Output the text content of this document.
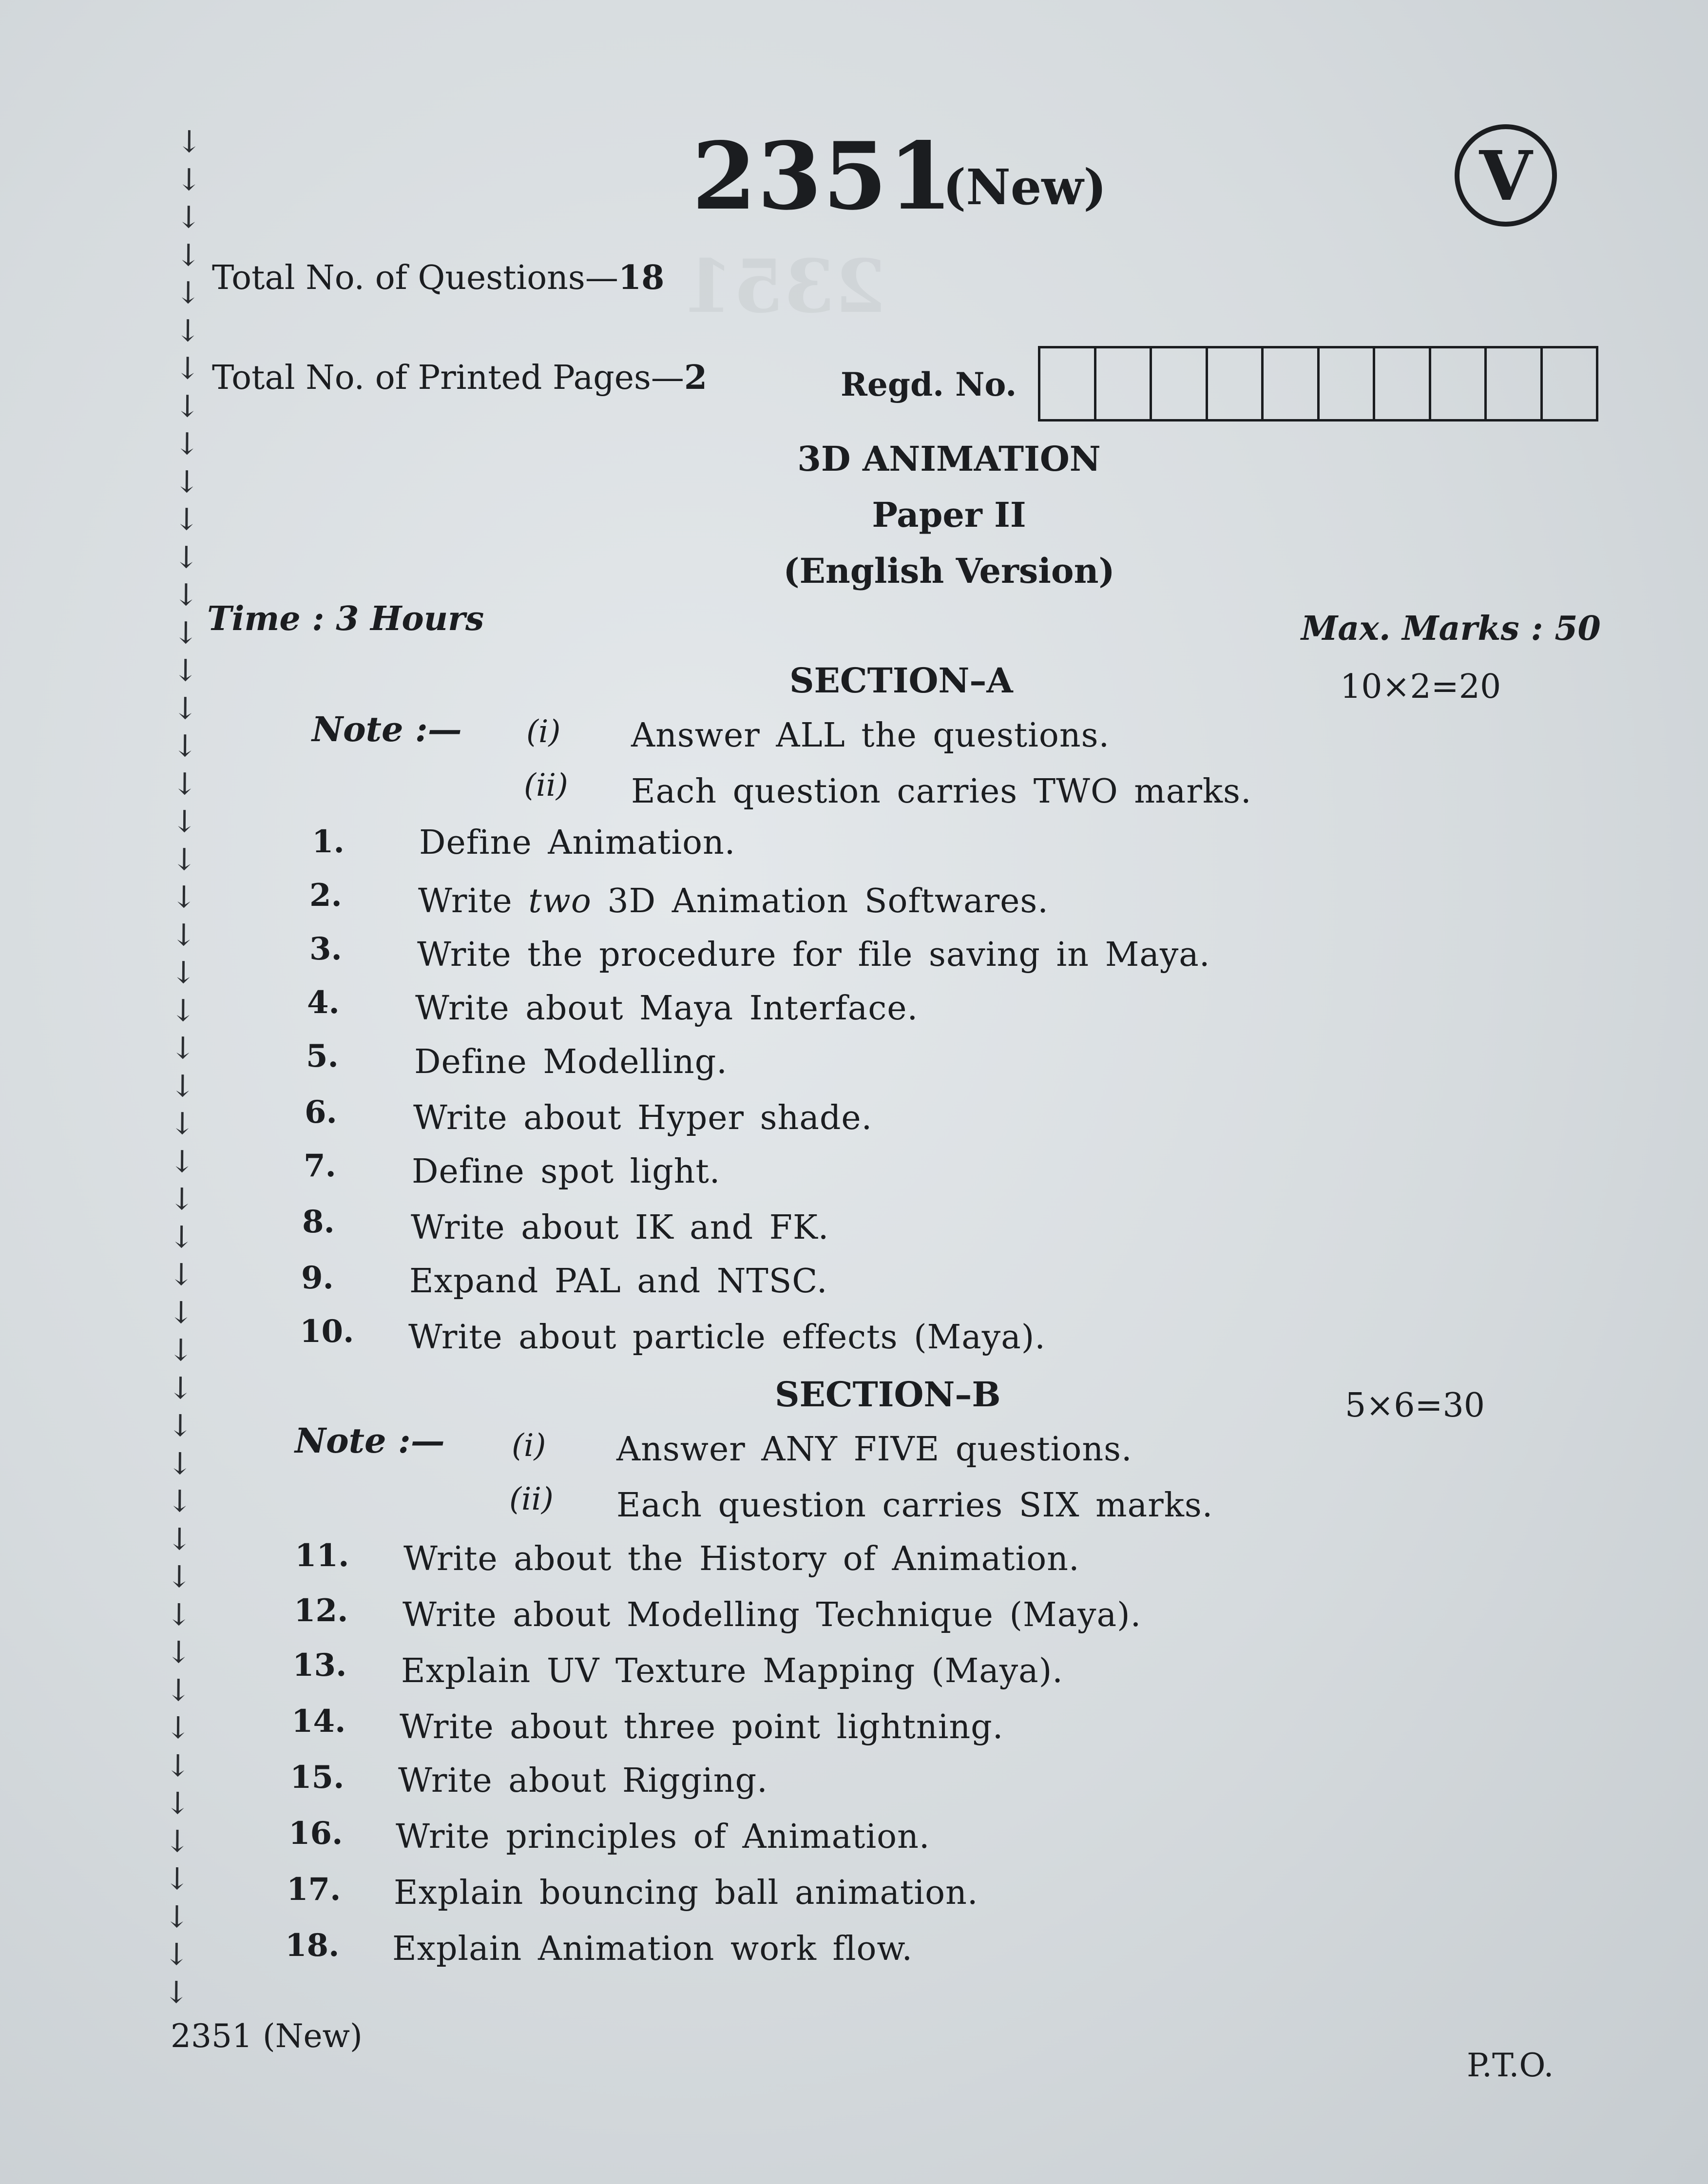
2351
↓
↓
↓
↓
↓
↓
↓
↓
↓
↓
↓
↓
↓
↓
↓
↓
↓
↓
↓
↓
↓
↓
↓
↓
↓
↓
↓
↓
↓
↓
↓
↓
↓
↓
↓
↓
↓
↓
↓
↓
↓
↓
↓
↓
↓
↓
↓
↓
↓
↓
2351
(New)	V
Total No. of Questions—18
Total No. of Printed Pages—2	Regd. No.
3D ANIMATION
Paper II
(English Version)
Time : 3 Hours	Max. Marks : 50
SECTION–A	10×2=20
Note :— (i) Answer ALL the questions.
(ii) Each question carries TWO marks.
1. Define Animation.
2. Write two 3D Animation Softwares.
3. Write the procedure for file saving in Maya.
4. Write about Maya Interface.
5. Define Modelling.
6. Write about Hyper shade.
7. Define spot light.
8. Write about IK and FK.
9. Expand PAL and NTSC.
10. Write about particle effects (Maya).
SECTION–B	5×6=30
Note :— (i) Answer ANY FIVE questions.
(ii) Each question carries SIX marks.
11. Write about the History of Animation.
12. Write about Modelling Technique (Maya).
13. Explain UV Texture Mapping (Maya).
14. Write about three point lightning.
15. Write about Rigging.
16. Write principles of Animation.
17. Explain bouncing ball animation.
18. Explain Animation work flow.
2351 (New)
P.T.O.
